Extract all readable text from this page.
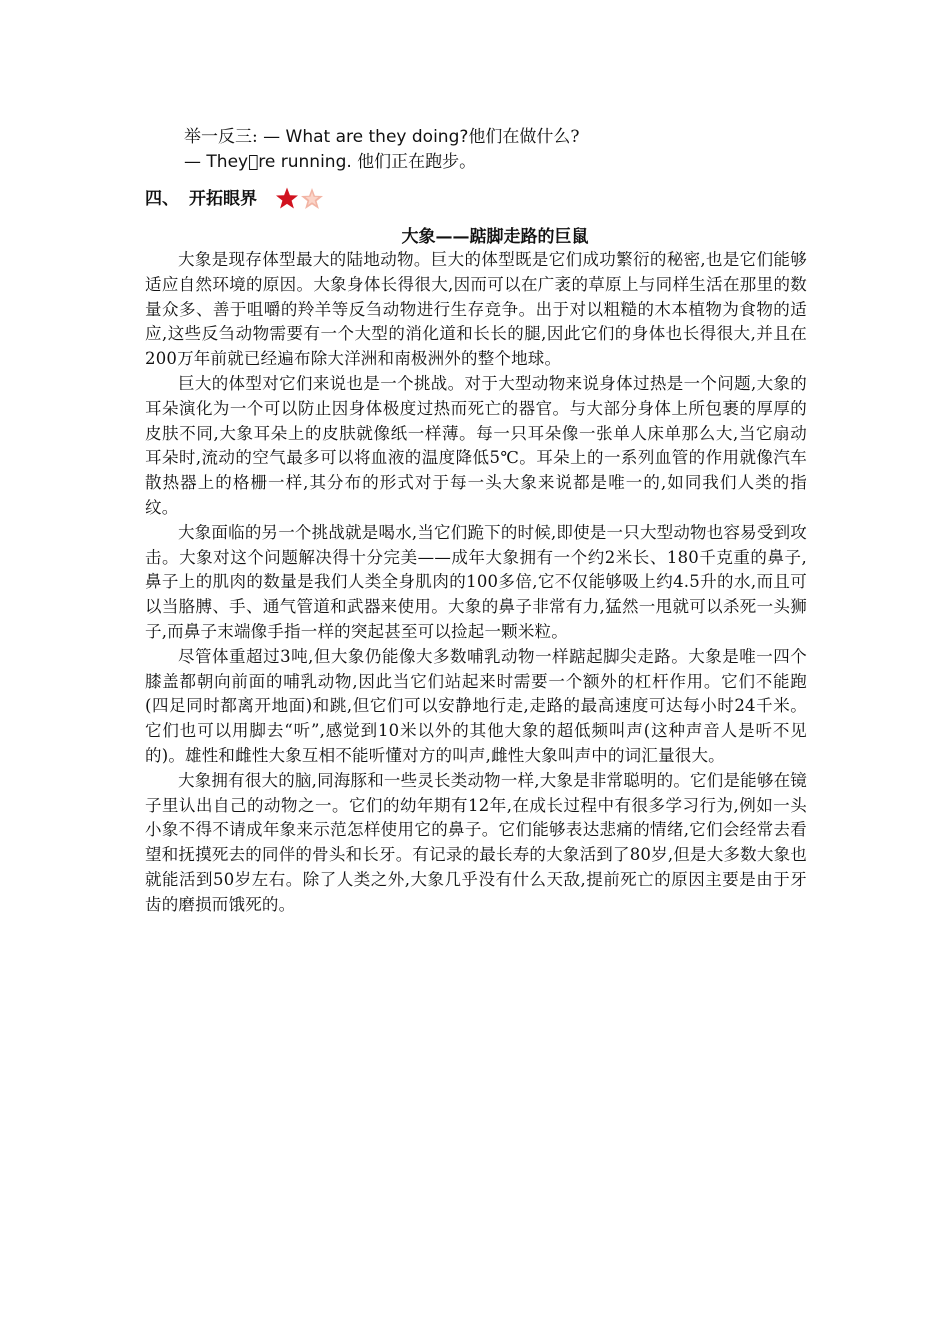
举一反三: — What are they doing?他们在做什么?
— They re running. 他们正在跑步。
四、 开拓眼界
大象——踮脚走路的巨鼠

大象是现存体型最大的陆地动物。巨大的体型既是它们成功繁衍的秘密,也是它们能够适应自然环境的原因。大象身体长得很大,因而可以在广袤的草原上与同样生活在那里的数量众多、善于咀嚼的羚羊等反刍动物进行生存竞争。出于对以粗糙的木本植物为食物的适应,这些反刍动物需要有一个大型的消化道和长长的腿,因此它们的身体也长得很大,并且在200万年前就已经遍布除大洋洲和南极洲外的整个地球。

巨大的体型对它们来说也是一个挑战。对于大型动物来说身体过热是一个问题,大象的耳朵演化为一个可以防止因身体极度过热而死亡的器官。与大部分身体上所包裹的厚厚的皮肤不同,大象耳朵上的皮肤就像纸一样薄。每一只耳朵像一张单人床单那么大,当它扇动耳朵时,流动的空气最多可以将血液的温度降低5℃。耳朵上的一系列血管的作用就像汽车散热器上的格栅一样,其分布的形式对于每一头大象来说都是唯一的,如同我们人类的指纹。

大象面临的另一个挑战就是喝水,当它们跪下的时候,即使是一只大型动物也容易受到攻击。大象对这个问题解决得十分完美——成年大象拥有一个约2米长、180千克重的鼻子,鼻子上的肌肉的数量是我们人类全身肌肉的100多倍,它不仅能够吸上约4.5升的水,而且可以当胳膊、手、通气管道和武器来使用。大象的鼻子非常有力,猛然一甩就可以杀死一头狮子,而鼻子末端像手指一样的突起甚至可以捡起一颗米粒。

尽管体重超过3吨,但大象仍能像大多数哺乳动物一样踮起脚尖走路。大象是唯一四个膝盖都朝向前面的哺乳动物,因此当它们站起来时需要一个额外的杠杆作用。它们不能跑(四足同时都离开地面)和跳,但它们可以安静地行走,走路的最高速度可达每小时24千米。它们也可以用脚去“听”,感觉到10米以外的其他大象的超低频叫声(这种声音人是听不见的)。雄性和雌性大象互相不能听懂对方的叫声,雌性大象叫声中的词汇量很大。

大象拥有很大的脑,同海豚和一些灵长类动物一样,大象是非常聪明的。它们是能够在镜子里认出自己的动物之一。它们的幼年期有12年,在成长过程中有很多学习行为,例如一头小象不得不请成年象来示范怎样使用它的鼻子。它们能够表达悲痛的情绪,它们会经常去看望和抚摸死去的同伴的骨头和长牙。有记录的最长寿的大象活到了80岁,但是大多数大象也就能活到50岁左右。除了人类之外,大象几乎没有什么天敌,提前死亡的原因主要是由于牙齿的磨损而饿死的。
